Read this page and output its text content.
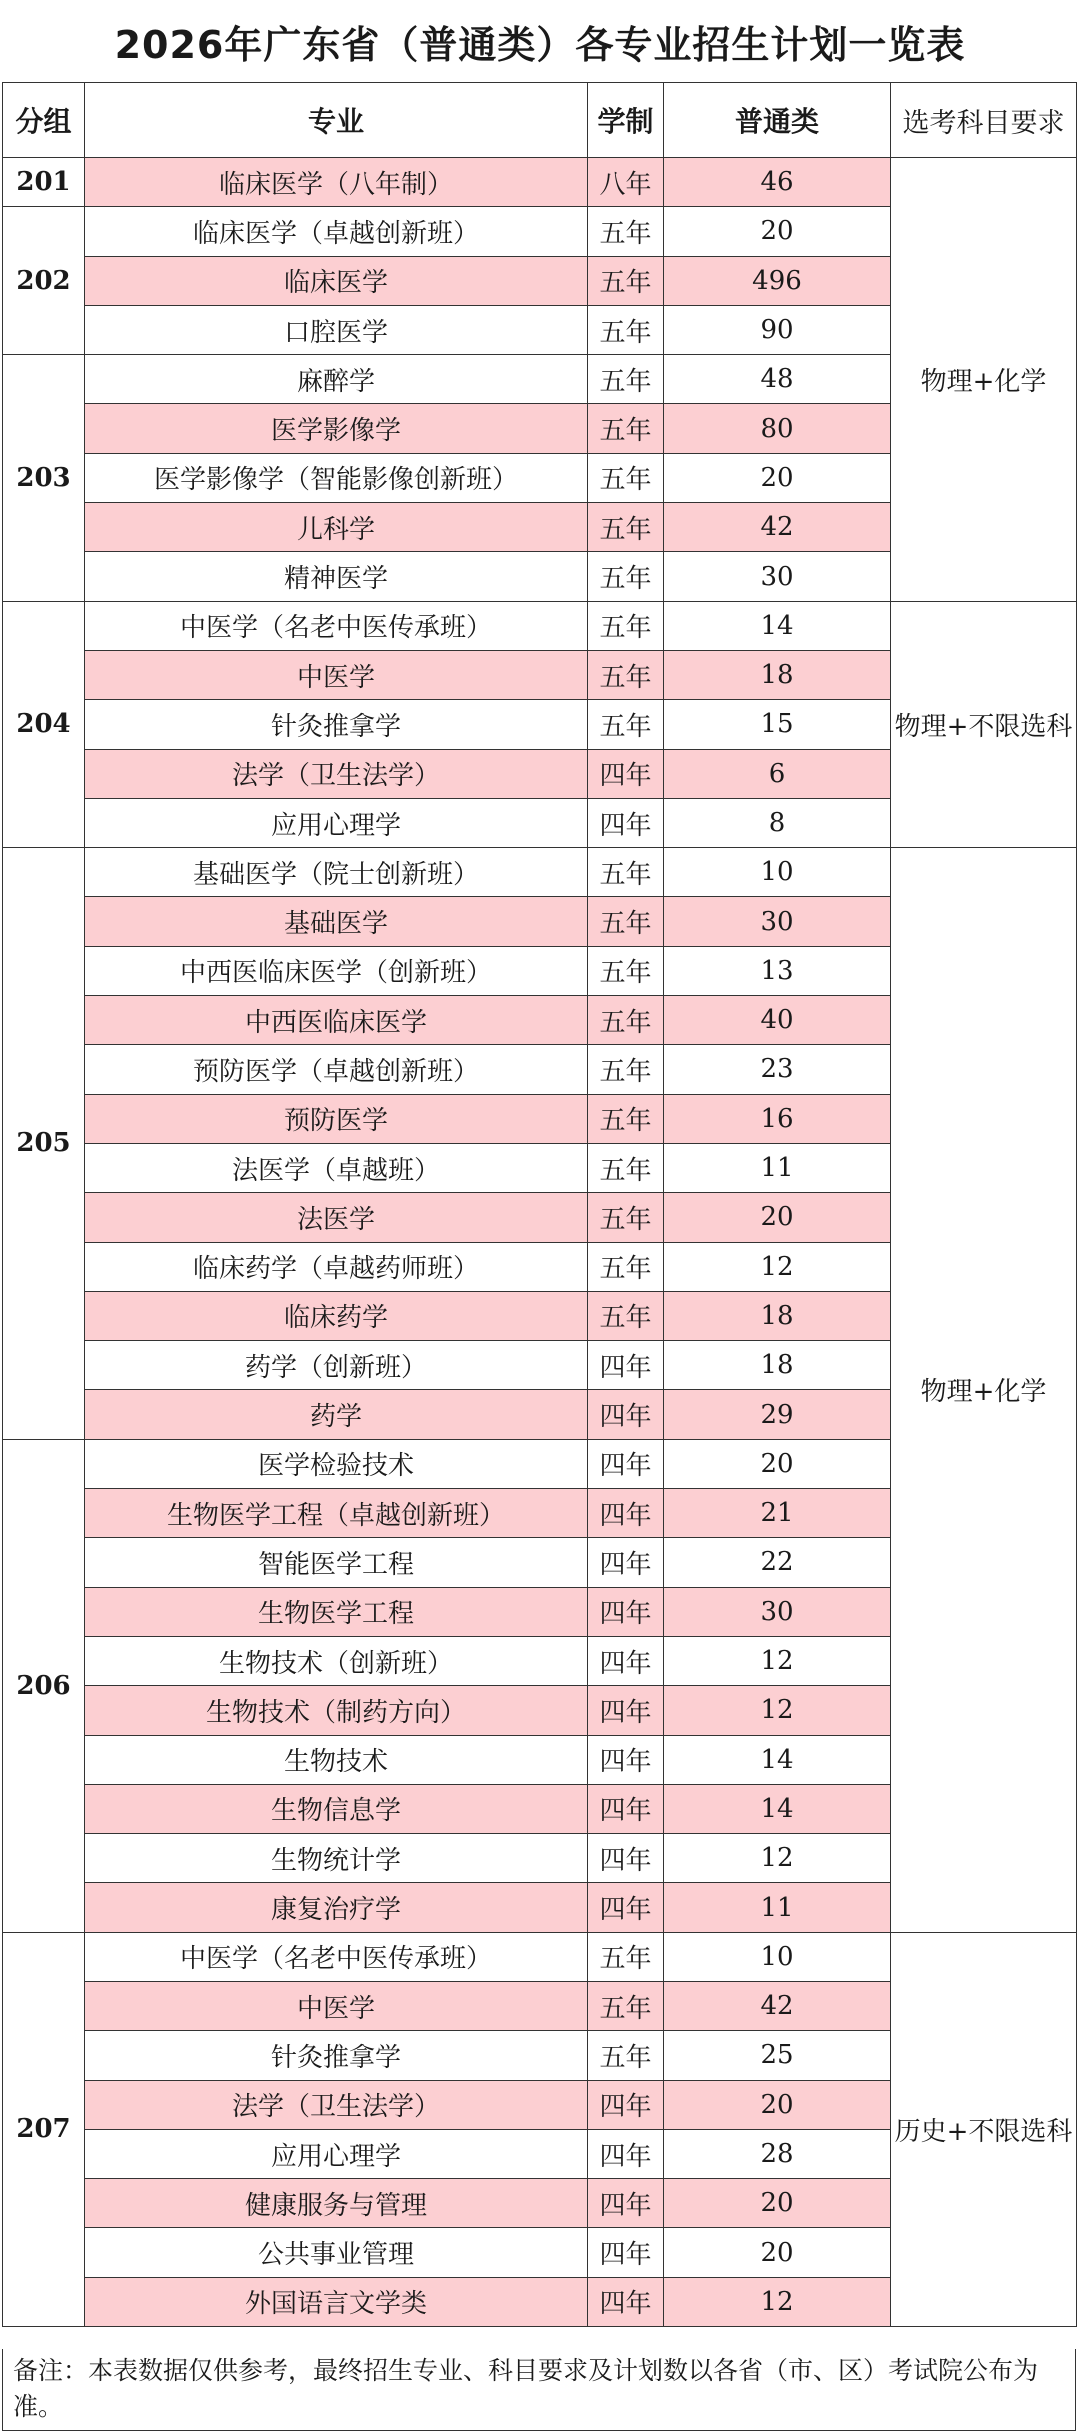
2026年广东省（普通类）各专业招生计划一览表
分组	专业	学制	普通类	选考科目要求
201	临床医学（八年制）	八年	46	物理+化学
202	临床医学（卓越创新班）	五年	20	
	临床医学	五年	496	
	口腔医学	五年	90	
203	麻醉学	五年	48	
	医学影像学	五年	80	
	医学影像学（智能影像创新班）	五年	20	
	儿科学	五年	42	
	精神医学	五年	30	
204	中医学（名老中医传承班）	五年	14	物理+不限选科
	中医学	五年	18	
	针灸推拿学	五年	15	
	法学（卫生法学）	四年	6	
	应用心理学	四年	8	
205	基础医学（院士创新班）	五年	10	物理+化学
	基础医学	五年	30	
	中西医临床医学（创新班）	五年	13	
	中西医临床医学	五年	40	
	预防医学（卓越创新班）	五年	23	
	预防医学	五年	16	
	法医学（卓越班）	五年	11	
	法医学	五年	20	
	临床药学（卓越药师班）	五年	12	
	临床药学	五年	18	
	药学（创新班）	四年	18	
	药学	四年	29	
206	医学检验技术	四年	20	
	生物医学工程（卓越创新班）	四年	21	
	智能医学工程	四年	22	
	生物医学工程	四年	30	
	生物技术（创新班）	四年	12	
	生物技术（制药方向）	四年	12	
	生物技术	四年	14	
	生物信息学	四年	14	
	生物统计学	四年	12	
	康复治疗学	四年	11	
207	中医学（名老中医传承班）	五年	10	历史+不限选科
	中医学	五年	42	
	针灸推拿学	五年	25	
	法学（卫生法学）	四年	20	
	应用心理学	四年	28	
	健康服务与管理	四年	20	
	公共事业管理	四年	20	
	外国语言文学类	四年	12	
备注：本表数据仅供参考，最终招生专业、科目要求及计划数以各省（市、区）考试院公布为准。
